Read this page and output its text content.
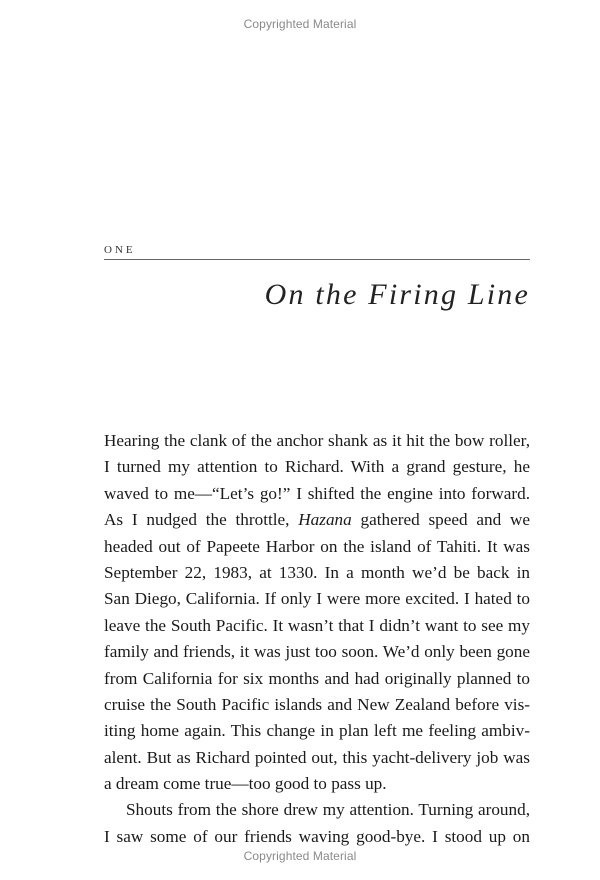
Copyrighted Material
ONE
On the Firing Line
Hearing the clank of the anchor shank as it hit the bow roller,
I turned my attention to Richard. With a grand gesture, he
waved to me—“Let’s go!” I shifted the engine into forward.
As I nudged the throttle, Hazana gathered speed and we
headed out of Papeete Harbor on the island of Tahiti. It was
September 22, 1983, at 1330. In a month we’d be back in
San Diego, California. If only I were more excited. I hated to
leave the South Pacific. It wasn’t that I didn’t want to see my
family and friends, it was just too soon. We’d only been gone
from California for six months and had originally planned to
cruise the South Pacific islands and New Zealand before vis-
iting home again. This change in plan left me feeling ambiv-
alent. But as Richard pointed out, this yacht-delivery job was
a dream come true—too good to pass up.
Shouts from the shore drew my attention. Turning around,
I saw some of our friends waving good-bye. I stood up on
Copyrighted Material
